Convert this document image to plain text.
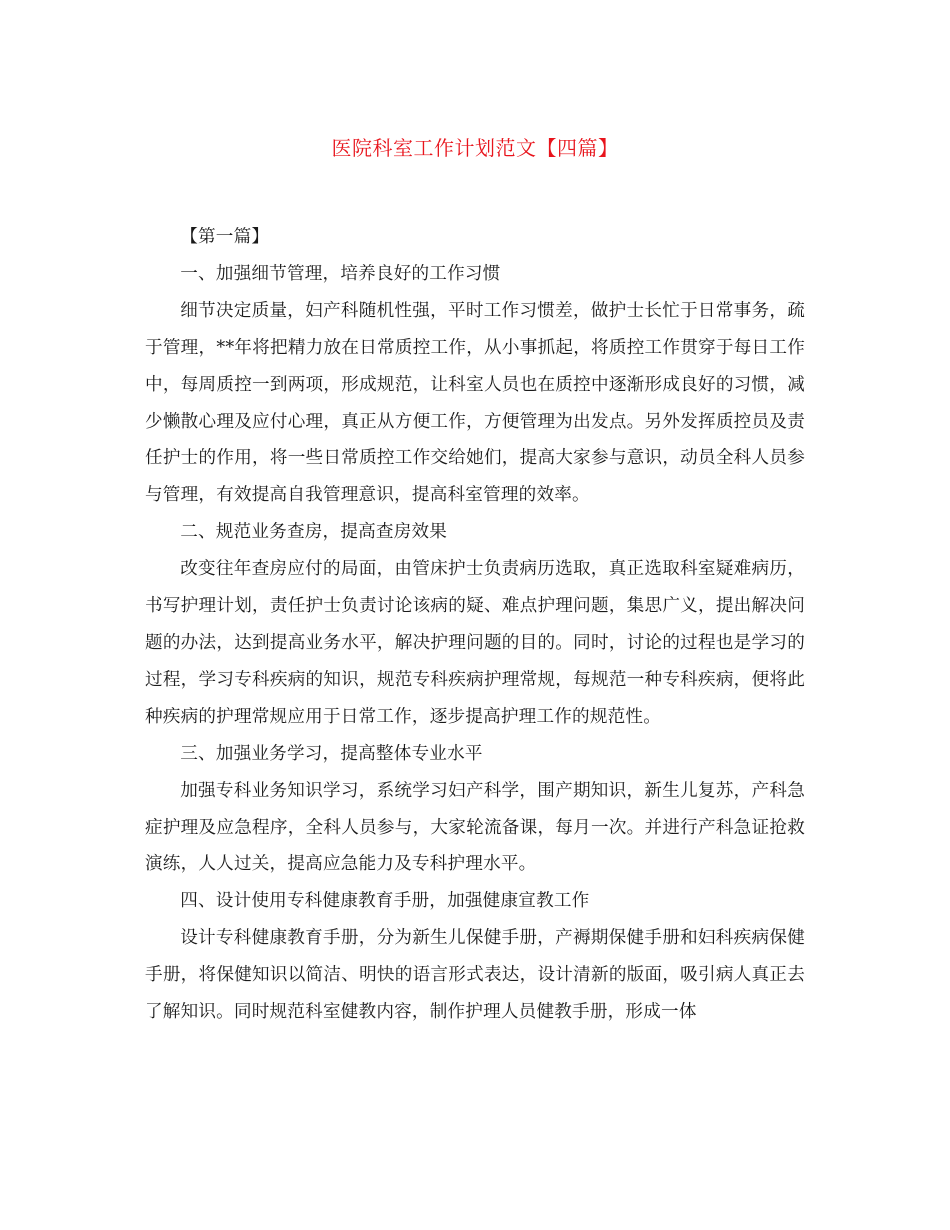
医院科室工作计划范文【四篇】

【第一篇】

一、加强细节管理，培养良好的工作习惯

细节决定质量，妇产科随机性强，平时工作习惯差，做护士长忙于日常事务，疏于管理，**年将把精力放在日常质控工作，从小事抓起，将质控工作贯穿于每日工作中，每周质控一到两项，形成规范，让科室人员也在质控中逐渐形成良好的习惯，减少懒散心理及应付心理，真正从方便工作，方便管理为出发点。另外发挥质控员及责任护士的作用，将一些日常质控工作交给她们，提高大家参与意识，动员全科人员参与管理，有效提高自我管理意识，提高科室管理的效率。

二、规范业务查房，提高查房效果

改变往年查房应付的局面，由管床护士负责病历选取，真正选取科室疑难病历，书写护理计划，责任护士负责讨论该病的疑、难点护理问题，集思广义，提出解决问题的办法，达到提高业务水平，解决护理问题的目的。同时，讨论的过程也是学习的过程，学习专科疾病的知识，规范专科疾病护理常规，每规范一种专科疾病，便将此种疾病的护理常规应用于日常工作，逐步提高护理工作的规范性。

三、加强业务学习，提高整体专业水平

加强专科业务知识学习，系统学习妇产科学，围产期知识，新生儿复苏，产科急症护理及应急程序，全科人员参与，大家轮流备课，每月一次。并进行产科急证抢救演练，人人过关，提高应急能力及专科护理水平。

四、设计使用专科健康教育手册，加强健康宣教工作

设计专科健康教育手册，分为新生儿保健手册，产褥期保健手册和妇科疾病保健手册，将保健知识以简洁、明快的语言形式表达，设计清新的版面，吸引病人真正去了解知识。同时规范科室健教内容，制作护理人员健教手册，形成一体
